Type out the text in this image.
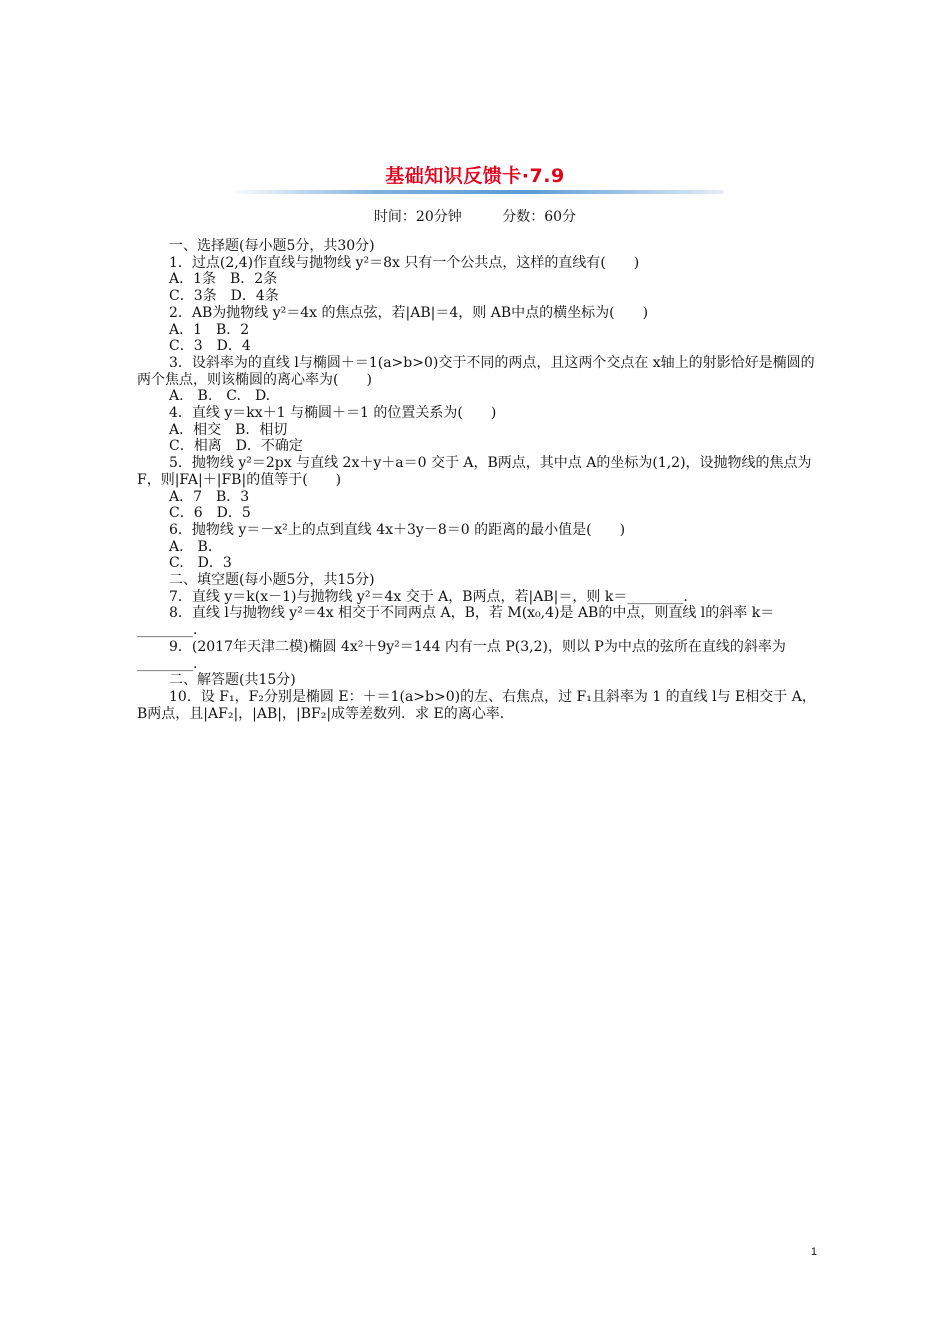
基础知识反馈卡·7.9
时间：20分钟	分数：60分
一、选择题(每小题5分，共30分)
1．过点(2,4)作直线与抛物线 y²＝8x 只有一个公共点，这样的直线有(　　)
A．1条　B．2条
C．3条　D．4条
2．AB为抛物线 y²＝4x 的焦点弦，若|AB|＝4，则 AB中点的横坐标为(　　)
A．1　B．2
C．3　D．4
3．设斜率为的直线 l与椭圆＋＝1(a>b>0)交于不同的两点，且这两个交点在 x轴上的射影恰好是椭圆的两个焦点，则该椭圆的离心率为(　　)
A.　B.　C.　D.
4．直线 y＝kx＋1 与椭圆＋＝1 的位置关系为(　　)
A．相交　B．相切
C．相离　D．不确定
5．抛物线 y²＝2px 与直线 2x＋y＋a＝0 交于 A，B两点，其中点 A的坐标为(1,2)，设抛物线的焦点为 F，则|FA|＋|FB|的值等于(　　)
A．7　B．3
C．6　D．5
6．抛物线 y＝－x²上的点到直线 4x＋3y－8＝0 的距离的最小值是(　　)
A.　B.
C.　D．3
二、填空题(每小题5分，共15分)
7．直线 y＝k(x－1)与抛物线 y²＝4x 交于 A，B两点，若|AB|＝，则 k＝________.
8．直线 l与抛物线 y²＝4x 相交于不同两点 A，B，若 M(x₀,4)是 AB的中点，则直线 l的斜率 k＝________.
9．(2017年天津二模)椭圆 4x²＋9y²＝144 内有一点 P(3,2)，则以 P为中点的弦所在直线的斜率为________.
二、解答题(共15分)
10．设 F₁，F₂分别是椭圆 E：＋＝1(a>b>0)的左、右焦点，过 F₁且斜率为 1 的直线 l与 E相交于 A，B两点，且|AF₂|，|AB|，|BF₂|成等差数列．求 E的离心率．
1
